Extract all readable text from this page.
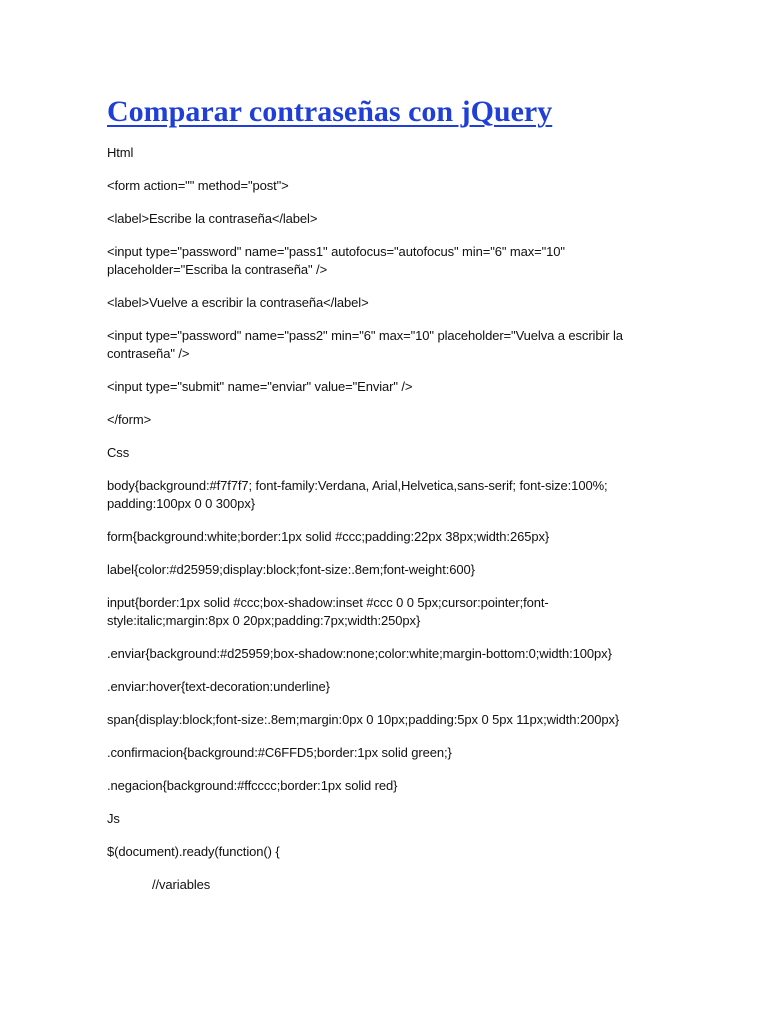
Comparar contraseñas con jQuery

Html

<form action="" method="post">

<label>Escribe la contraseña</label>

<input type="password" name="pass1" autofocus="autofocus" min="6" max="10"
placeholder="Escriba la contraseña" />

<label>Vuelve a escribir la contraseña</label>

<input type="password" name="pass2" min="6" max="10" placeholder="Vuelva a escribir la
contraseña" />

<input type="submit" name="enviar" value="Enviar" />

</form>

Css

body{background:#f7f7f7; font-family:Verdana, Arial,Helvetica,sans-serif; font-size:100%;
padding:100px 0 0 300px}

form{background:white;border:1px solid #ccc;padding:22px 38px;width:265px}

label{color:#d25959;display:block;font-size:.8em;font-weight:600}

input{border:1px solid #ccc;box-shadow:inset #ccc 0 0 5px;cursor:pointer;font-
style:italic;margin:8px 0 20px;padding:7px;width:250px}

.enviar{background:#d25959;box-shadow:none;color:white;margin-bottom:0;width:100px}

.enviar:hover{text-decoration:underline}

span{display:block;font-size:.8em;margin:0px 0 10px;padding:5px 0 5px 11px;width:200px}

.confirmacion{background:#C6FFD5;border:1px solid green;}

.negacion{background:#ffcccc;border:1px solid red}

Js

$(document).ready(function() {

//variables
